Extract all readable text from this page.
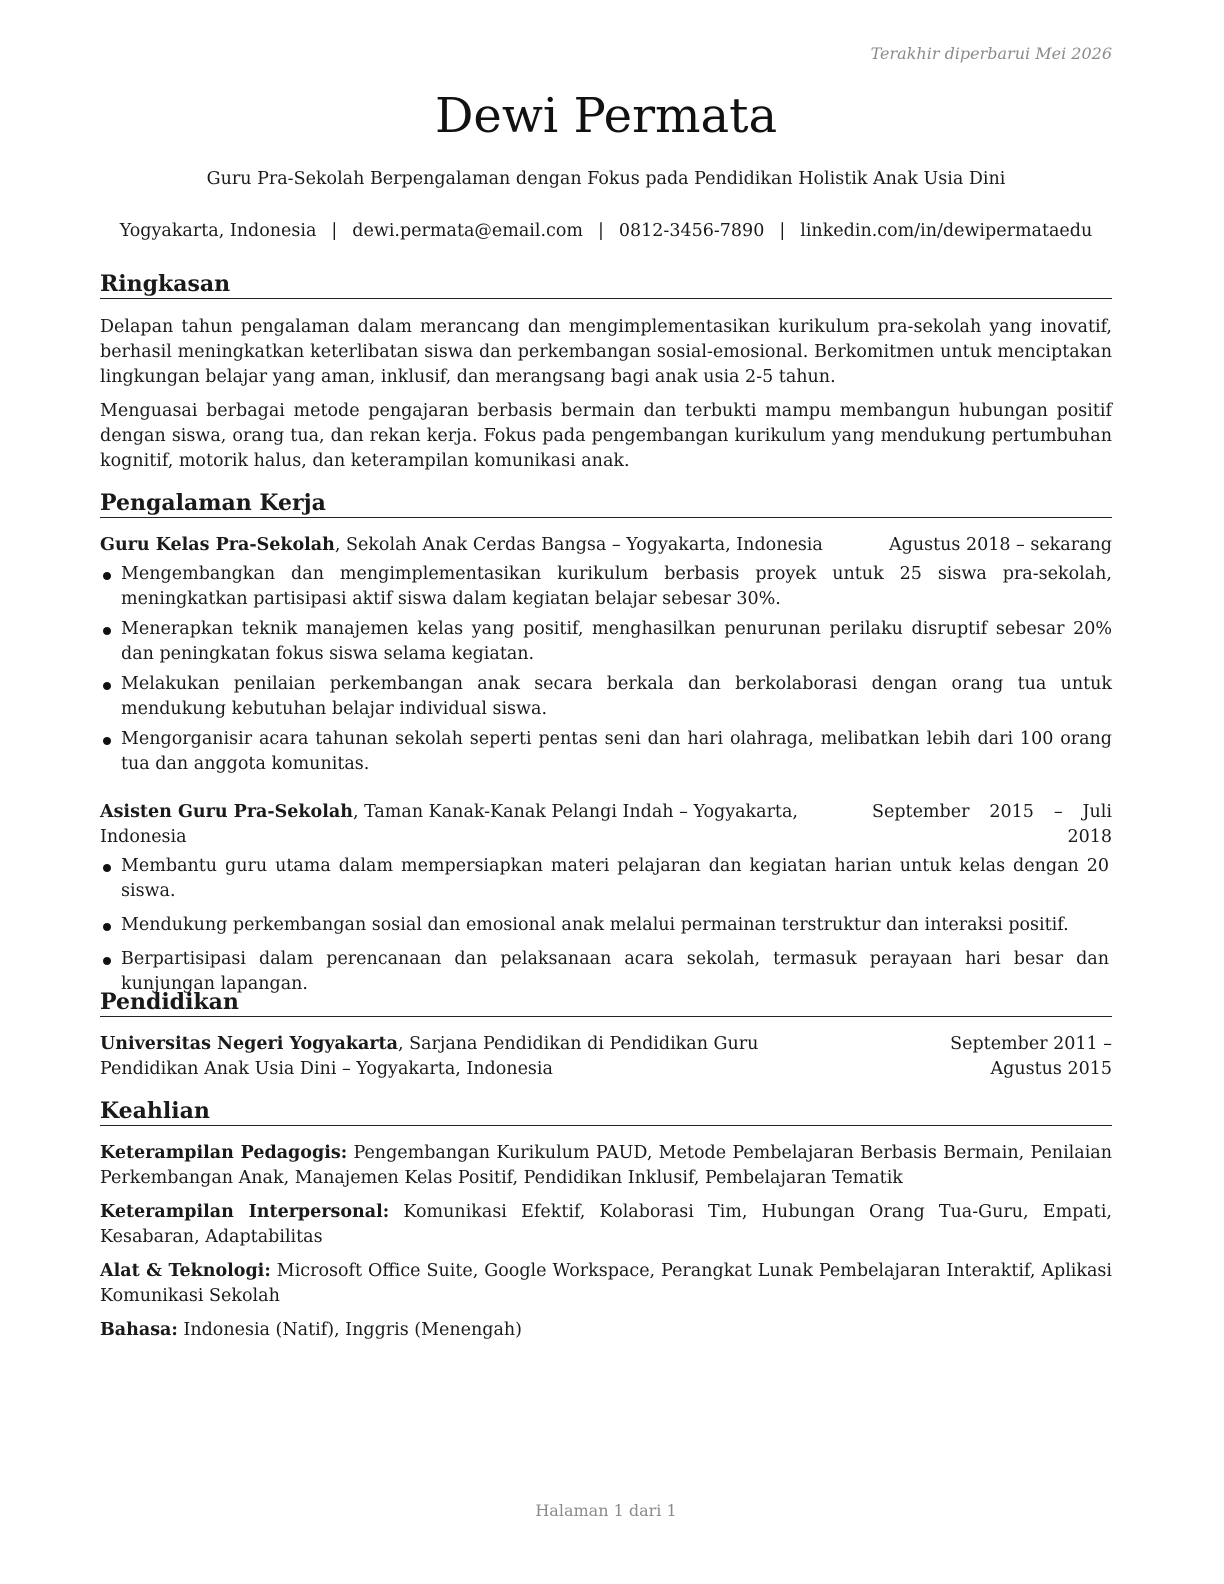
Terakhir diperbarui Mei 2026
Dewi Permata
Guru Pra-Sekolah Berpengalaman dengan Fokus pada Pendidikan Holistik Anak Usia Dini
Yogyakarta, Indonesia | dewi.permata@email.com | 0812-3456-7890 | linkedin.com/in/dewipermataedu
Ringkasan

Delapan tahun pengalaman dalam merancang dan mengimplementasikan kurikulum pra-sekolah yang inovatif, berhasil meningkatkan keterlibatan siswa dan perkembangan sosial-emosional. Berkomitmen untuk menciptakan lingkungan belajar yang aman, inklusif, dan merangsang bagi anak usia 2-5 tahun.

Menguasai berbagai metode pengajaran berbasis bermain dan terbukti mampu membangun hubungan positif dengan siswa, orang tua, dan rekan kerja. Fokus pada pengembangan kurikulum yang mendukung pertumbuhan kognitif, motorik halus, dan keterampilan komunikasi anak.

Pengalaman Kerja
Guru Kelas Pra-Sekolah, Sekolah Anak Cerdas Bangsa – Yogyakarta, Indonesia	Agustus 2018 – sekarang
Mengembangkan dan mengimplementasikan kurikulum berbasis proyek untuk 25 siswa pra-sekolah, meningkatkan partisipasi aktif siswa dalam kegiatan belajar sebesar 30%.
Menerapkan teknik manajemen kelas yang positif, menghasilkan penurunan perilaku disruptif sebesar 20% dan peningkatan fokus siswa selama kegiatan.
Melakukan penilaian perkembangan anak secara berkala dan berkolaborasi dengan orang tua untuk mendukung kebutuhan belajar individual siswa.
Mengorganisir acara tahunan sekolah seperti pentas seni dan hari olahraga, melibatkan lebih dari 100 orang tua dan anggota komunitas.
Asisten Guru Pra-Sekolah, Taman Kanak-Kanak Pelangi Indah – Yogyakarta, Indonesia
September 2015 – Juli 2018
Membantu guru utama dalam mempersiapkan materi pelajaran dan kegiatan harian untuk kelas dengan 20 siswa.
Mendukung perkembangan sosial dan emosional anak melalui permainan terstruktur dan interaksi positif.
Berpartisipasi dalam perencanaan dan pelaksanaan acara sekolah, termasuk perayaan hari besar dan kunjungan lapangan.
Pendidikan
Universitas Negeri Yogyakarta, Sarjana Pendidikan di Pendidikan Guru Pendidikan Anak Usia Dini – Yogyakarta, Indonesia
September 2011 – Agustus 2015
Keahlian

Keterampilan Pedagogis: Pengembangan Kurikulum PAUD, Metode Pembelajaran Berbasis Bermain, Penilaian Perkembangan Anak, Manajemen Kelas Positif, Pendidikan Inklusif, Pembelajaran Tematik

Keterampilan Interpersonal: Komunikasi Efektif, Kolaborasi Tim, Hubungan Orang Tua-Guru, Empati, Kesabaran, Adaptabilitas

Alat & Teknologi: Microsoft Office Suite, Google Workspace, Perangkat Lunak Pembelajaran Interaktif, Aplikasi Komunikasi Sekolah

Bahasa: Indonesia (Natif), Inggris (Menengah)

Halaman 1 dari 1
